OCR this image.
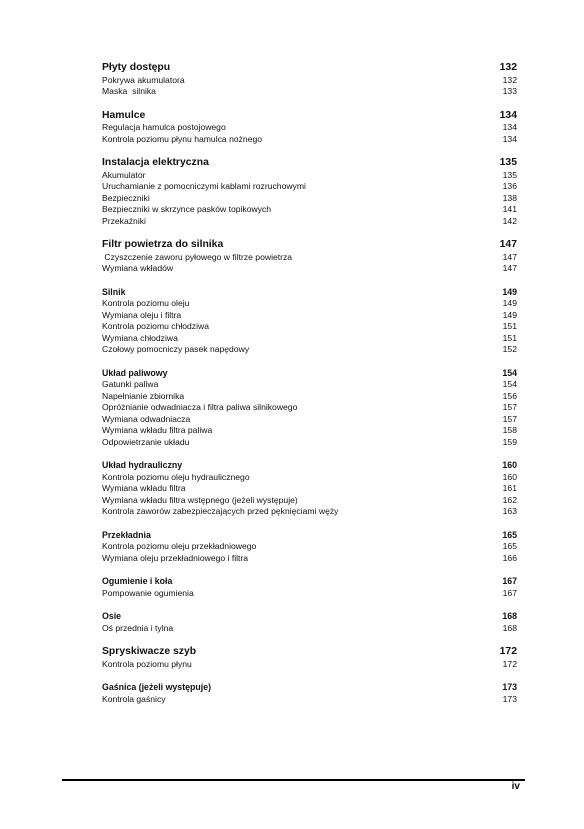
Płyty dostępu	132
Pokrywa akumulatora	132
Maska  silnika	133
Hamulce	134
Regulacja hamulca postojowego	134
Kontrola poziomu płynu hamulca nożnego	134
Instalacja elektryczna	135
Akumulator	135
Uruchamianie z pomocniczymi kablami rozruchowymi	136
Bezpieczniki	138
Bezpieczniki w skrzynce pasków topikowych	141
Przekaźniki	142
Filtr powietrza do silnika	147
Czyszczenie zaworu pyłowego w filtrze powietrza	147
Wymiana wkładów	147
Silnik	149
Kontrola poziomu oleju	149
Wymiana oleju i filtra	149
Kontrola poziomu chłodziwa	151
Wymiana chłodziwa	151
Czołowy pomocniczy pasek napędowy	152
Układ paliwowy	154
Gatunki paliwa	154
Napełnianie zbiornika	156
Opróżnianie odwadniacza i filtra paliwa silnikowego	157
Wymiana odwadniacza	157
Wymiana wkładu filtra paliwa	158
Odpowietrzanie układu	159
Układ hydrauliczny	160
Kontrola poziomu oleju hydraulicznego	160
Wymiana wkładu filtra	161
Wymiana wkładu filtra wstępnego (jeżeli występuje)	162
Kontrola zaworów zabezpieczających przed pęknięciami węży	163
Przekładnia	165
Kontrola poziomu oleju przekładniowego	165
Wymiana oleju przekładniowego i filtra	166
Ogumienie i koła	167
Pompowanie ogumienia	167
Osie	168
Oś przednia i tylna	168
Spryskiwacze szyb	172
Kontrola poziomu płynu	172
Gaśnica (jeżeli występuje)	173
Kontrola gaśnicy	173
iv
